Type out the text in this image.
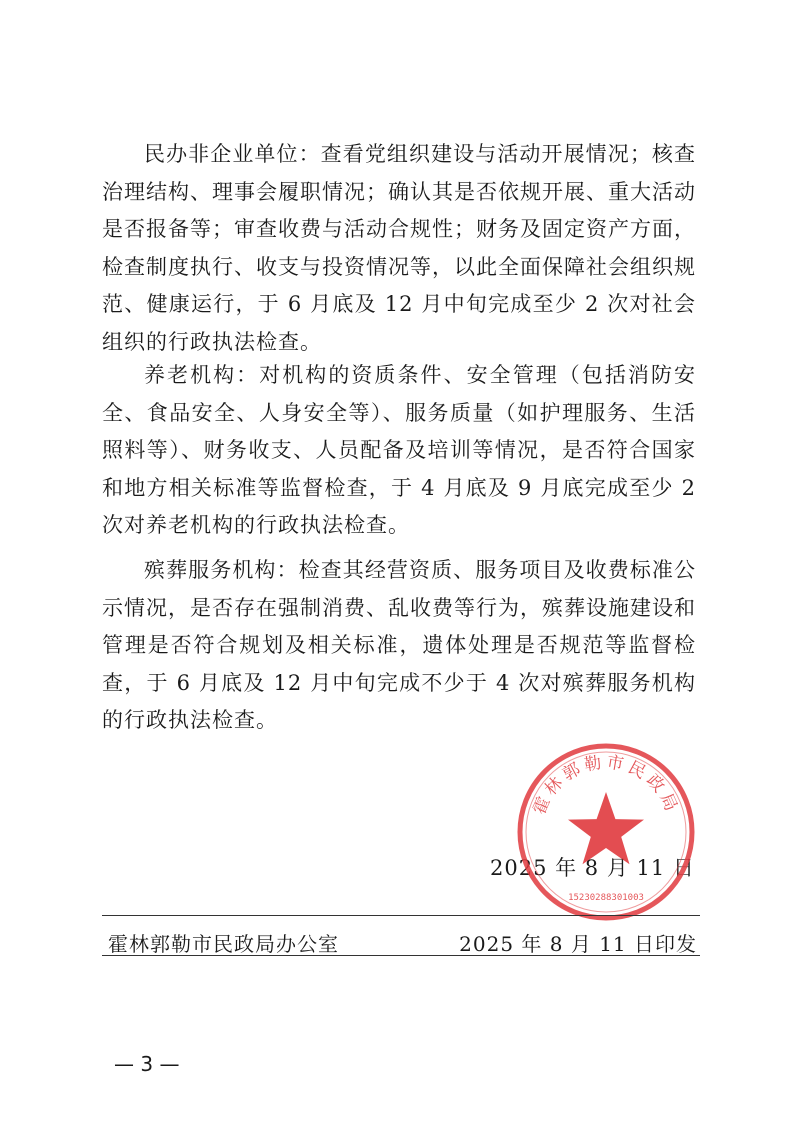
民办非企业单位：查看党组织建设与活动开展情况；核查治理结构、理事会履职情况；确认其是否依规开展、重大活动是否报备等；审查收费与活动合规性；财务及固定资产方面，检查制度执行、收支与投资情况等，以此全面保障社会组织规范、健康运行，于 6 月底及 12 月中旬完成至少 2 次对社会组织的行政执法检查。

养老机构：对机构的资质条件、安全管理（包括消防安全、食品安全、人身安全等）、服务质量（如护理服务、生活照料等）、财务收支、人员配备及培训等情况，是否符合国家和地方相关标准等监督检查，于 4 月底及 9 月底完成至少 2 次对养老机构的行政执法检查。

殡葬服务机构：检查其经营资质、服务项目及收费标准公示情况，是否存在强制消费、乱收费等行为，殡葬设施建设和管理是否符合规划及相关标准，遗体处理是否规范等监督检查，于 6 月底及 12 月中旬完成不少于 4 次对殡葬服务机构的行政执法检查。

2025 年 8 月 11 日
霍林郭勒市民政局
15230288301003
霍林郭勒市民政局办公室	2025 年 8 月 11 日印发
— 3 —
